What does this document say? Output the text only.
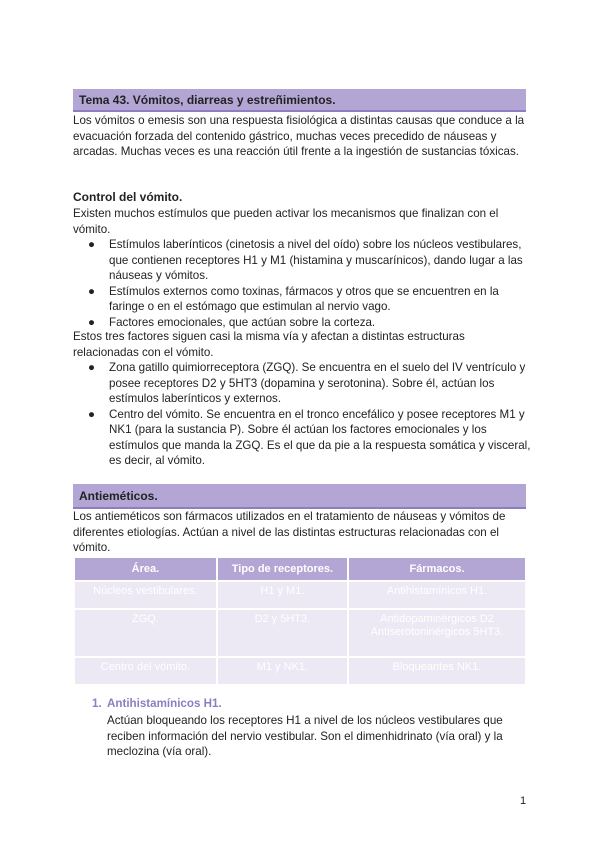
Tema 43. Vómitos, diarreas y estreñimientos.

Los vómitos o emesis son una respuesta fisiológica a distintas causas que conduce a la evacuación forzada del contenido gástrico, muchas veces precedido de náuseas y arcadas. Muchas veces es una reacción útil frente a la ingestión de sustancias tóxicas.

Control del vómito.

Existen muchos estímulos que pueden activar los mecanismos que finalizan con el vómito.

● Estímulos laberínticos (cinetosis a nivel del oído) sobre los núcleos vestibulares, que contienen receptores H1 y M1 (histamina y muscarínicos), dando lugar a las náuseas y vómitos.
● Estímulos externos como toxinas, fármacos y otros que se encuentren en la faringe o en el estómago que estimulan al nervio vago.
● Factores emocionales, que actúan sobre la corteza.

Estos tres factores siguen casi la misma vía y afectan a distintas estructuras relacionadas con el vómito.

● Zona gatillo quimiorreceptora (ZGQ). Se encuentra en el suelo del IV ventrículo y posee receptores D2 y 5HT3 (dopamina y serotonina). Sobre él, actúan los estímulos laberínticos y externos.
● Centro del vómito. Se encuentra en el tronco encefálico y posee receptores M1 y NK1 (para la sustancia P). Sobre él actúan los factores emocionales y los estímulos que manda la ZGQ. Es el que da pie a la respuesta somática y visceral, es decir, al vómito.
Antieméticos.

Los antieméticos son fármacos utilizados en el tratamiento de náuseas y vómitos de diferentes etiologías. Actúan a nivel de las distintas estructuras relacionadas con el vómito.

Área.	Tipo de receptores.	Fármacos.
Núcleos vestibulares.	H1 y M1.	Antihistamínicos H1.
ZGQ.	D2 y 5HT3.	Antidopaminérgicos D2
Antiserotoninérgicos 5HT3.
Centro del vómito.	M1 y NK1.	Bloqueantes NK1.
1. Antihistamínicos H1.

Actúan bloqueando los receptores H1 a nivel de los núcleos vestibulares que reciben información del nervio vestibular. Son el dimenhidrinato (vía oral) y la meclozina (vía oral).

1
